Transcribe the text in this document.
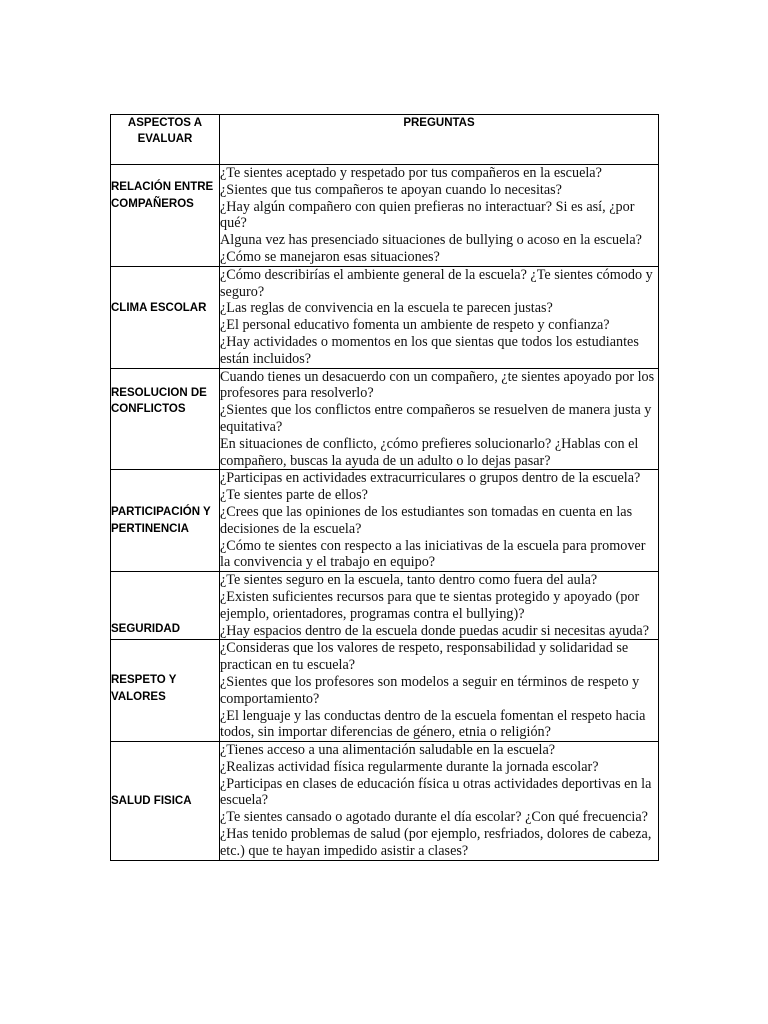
ASPECTOS A EVALUAR	PREGUNTAS
RELACIÓN ENTRE COMPAÑEROS	¿Te sientes aceptado y respetado por tus compañeros en la escuela?

¿Sientes que tus compañeros te apoyan cuando lo necesitas?

¿Hay algún compañero con quien prefieras no interactuar? Si es así, ¿por qué?

Alguna vez has presenciado situaciones de bullying o acoso en la escuela? ¿Cómo se manejaron esas situaciones?

CLIMA ESCOLAR	¿Cómo describirías el ambiente general de la escuela? ¿Te sientes cómodo y seguro?

¿Las reglas de convivencia en la escuela te parecen justas?

¿El personal educativo fomenta un ambiente de respeto y confianza?

¿Hay actividades o momentos en los que sientas que todos los estudiantes están incluidos?

RESOLUCION DE CONFLICTOS	Cuando tienes un desacuerdo con un compañero, ¿te sientes apoyado por los profesores para resolverlo?

¿Sientes que los conflictos entre compañeros se resuelven de manera justa y equitativa?

En situaciones de conflicto, ¿cómo prefieres solucionarlo? ¿Hablas con el compañero, buscas la ayuda de un adulto o lo dejas pasar?

PARTICIPACIÓN Y PERTINENCIA	¿Participas en actividades extracurriculares o grupos dentro de la escuela? ¿Te sientes parte de ellos?

¿Crees que las opiniones de los estudiantes son tomadas en cuenta en las decisiones de la escuela?

¿Cómo te sientes con respecto a las iniciativas de la escuela para promover la convivencia y el trabajo en equipo?

SEGURIDAD	¿Te sientes seguro en la escuela, tanto dentro como fuera del aula?

¿Existen suficientes recursos para que te sientas protegido y apoyado (por ejemplo, orientadores, programas contra el bullying)?

¿Hay espacios dentro de la escuela donde puedas acudir si necesitas ayuda?

RESPETO Y VALORES	¿Consideras que los valores de respeto, responsabilidad y solidaridad se practican en tu escuela?

¿Sientes que los profesores son modelos a seguir en términos de respeto y comportamiento?

¿El lenguaje y las conductas dentro de la escuela fomentan el respeto hacia todos, sin importar diferencias de género, etnia o religión?

SALUD FISICA	¿Tienes acceso a una alimentación saludable en la escuela?

¿Realizas actividad física regularmente durante la jornada escolar?

¿Participas en clases de educación física u otras actividades deportivas en la escuela?

¿Te sientes cansado o agotado durante el día escolar? ¿Con qué frecuencia?

¿Has tenido problemas de salud (por ejemplo, resfriados, dolores de cabeza, etc.) que te hayan impedido asistir a clases?
